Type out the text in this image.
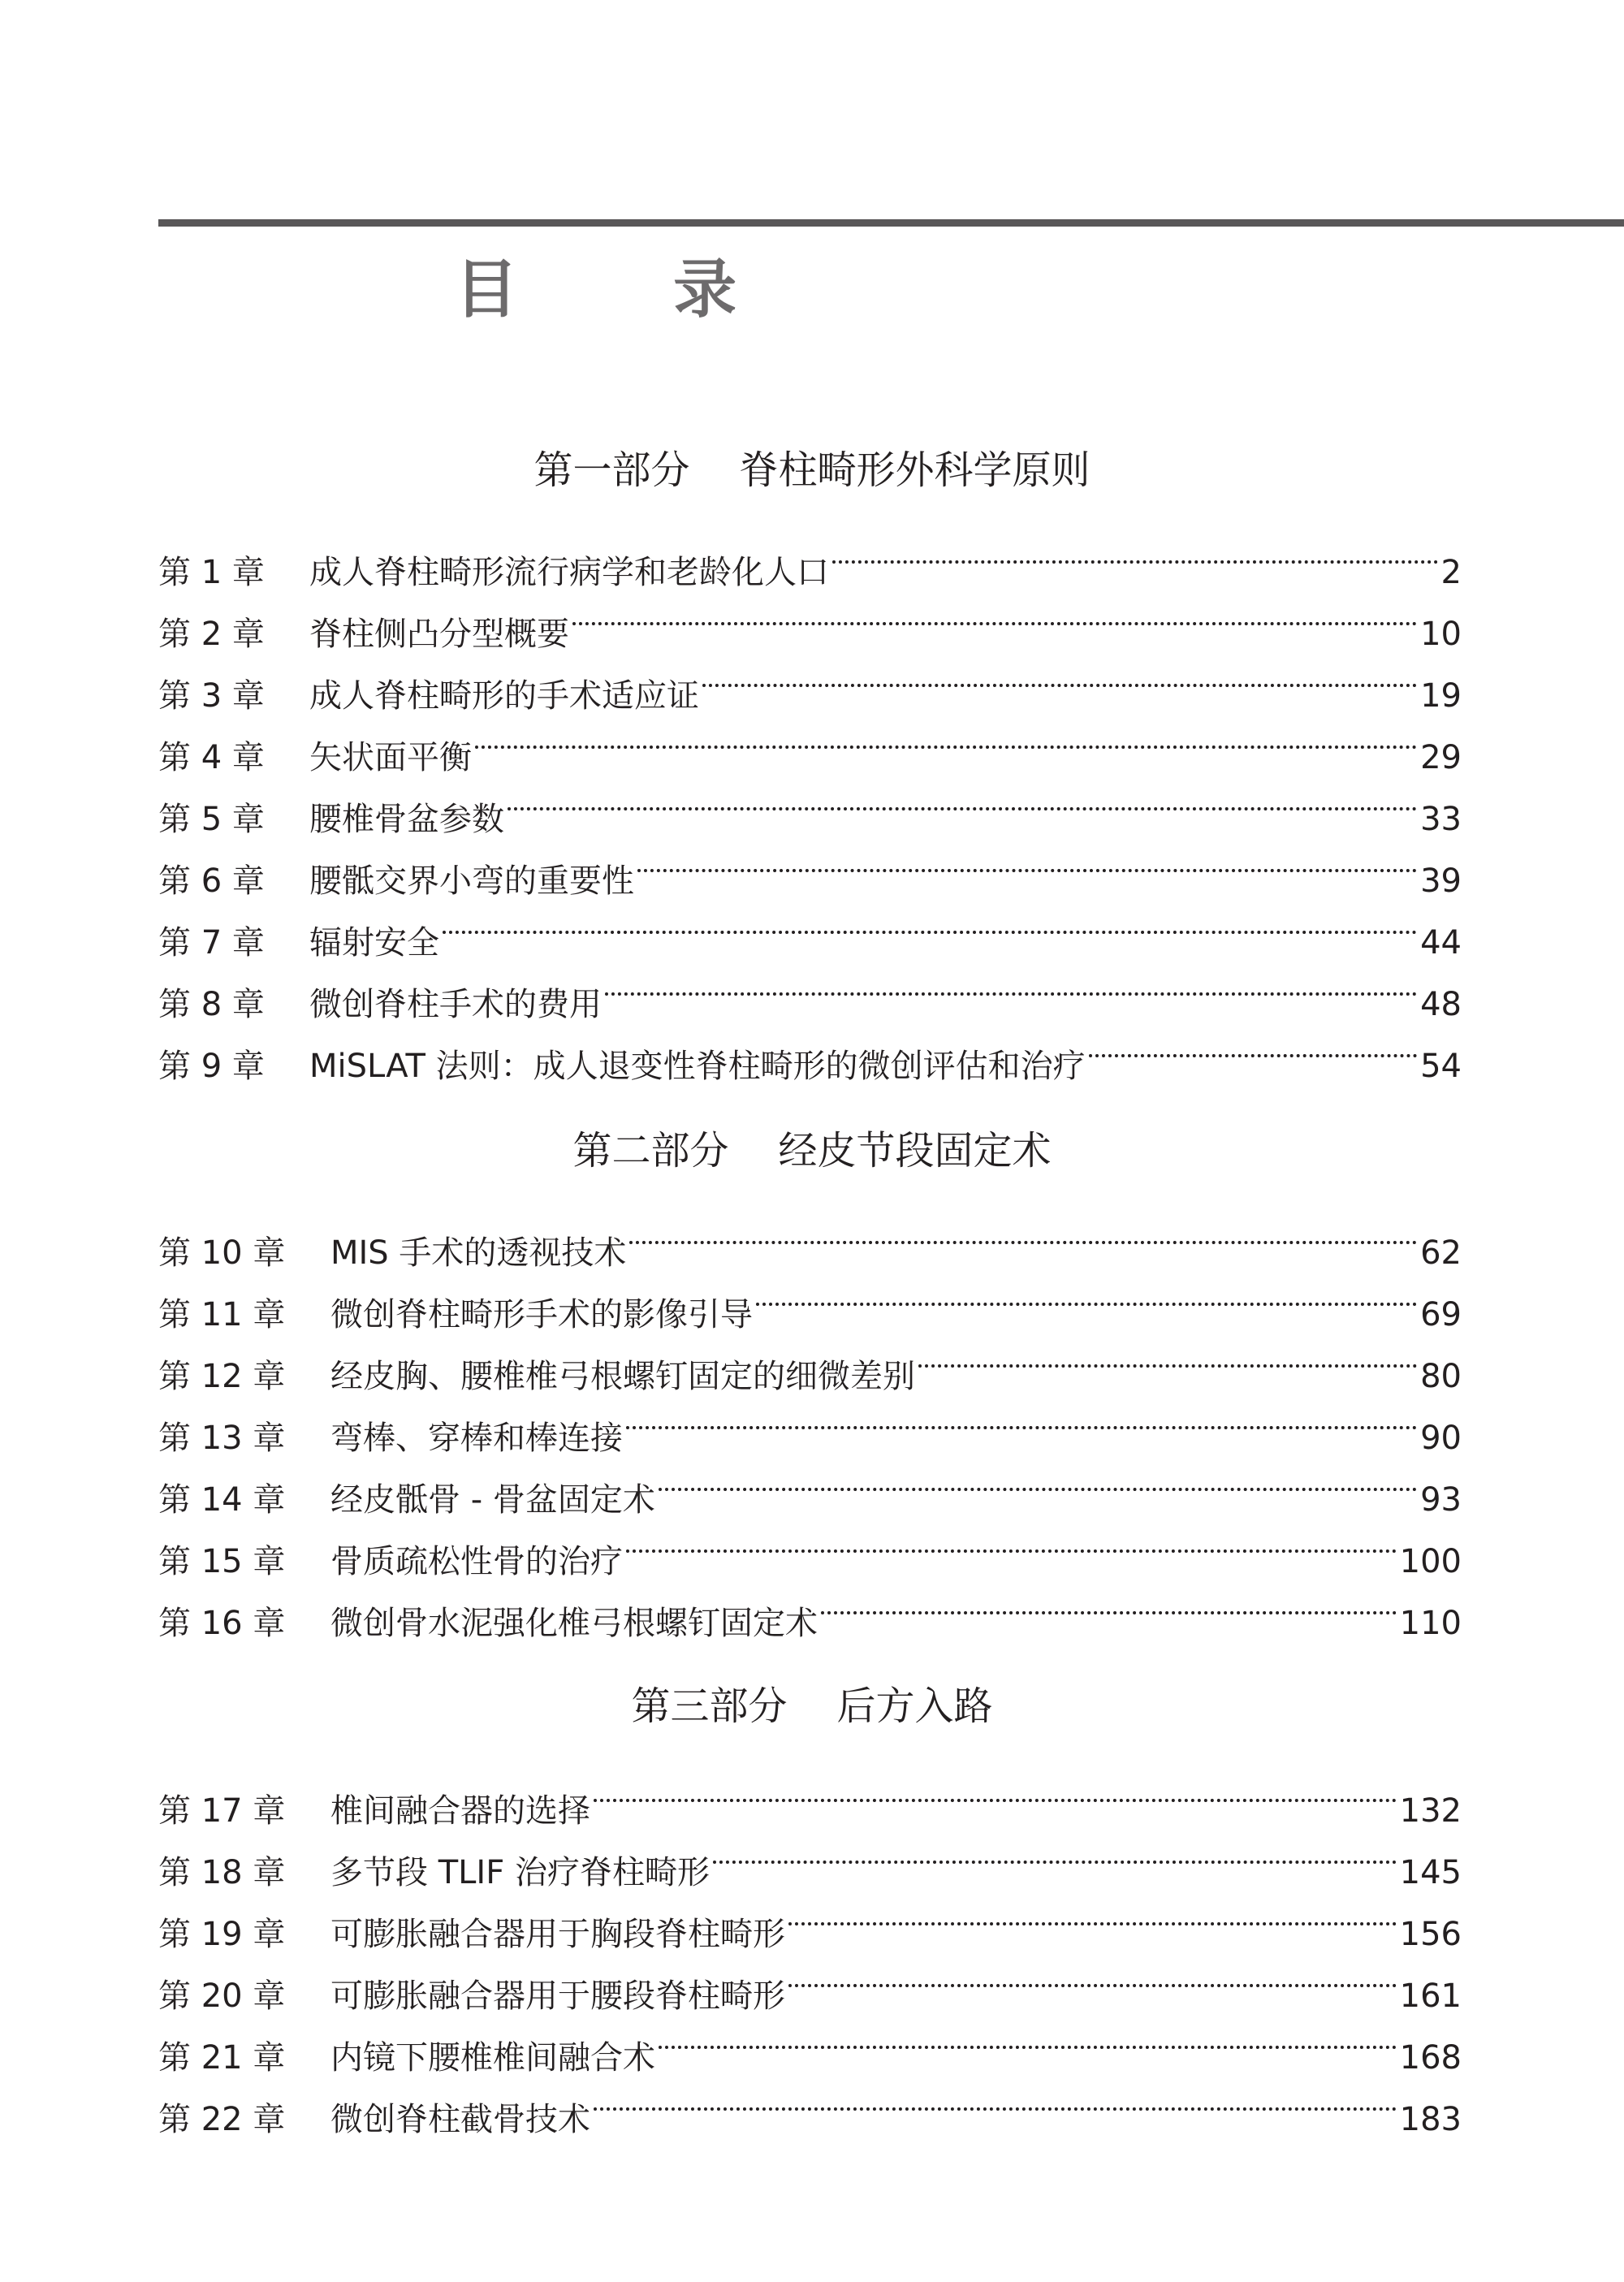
目 录
第一部分    脊柱畸形外科学原则
第 1 章	成人脊柱畸形流行病学和老龄化人口	2
第 2 章	脊柱侧凸分型概要	10
第 3 章	成人脊柱畸形的手术适应证	19
第 4 章	矢状面平衡	29
第 5 章	腰椎骨盆参数	33
第 6 章	腰骶交界小弯的重要性	39
第 7 章	辐射安全	44
第 8 章	微创脊柱手术的费用	48
第 9 章	MiSLAT 法则：成人退变性脊柱畸形的微创评估和治疗	54
第二部分    经皮节段固定术
第 10 章	MIS 手术的透视技术	62
第 11 章	微创脊柱畸形手术的影像引导	69
第 12 章	经皮胸、腰椎椎弓根螺钉固定的细微差别	80
第 13 章	弯棒、穿棒和棒连接	90
第 14 章	经皮骶骨 - 骨盆固定术	93
第 15 章	骨质疏松性骨的治疗	100
第 16 章	微创骨水泥强化椎弓根螺钉固定术	110
第三部分    后方入路
第 17 章	椎间融合器的选择	132
第 18 章	多节段 TLIF 治疗脊柱畸形	145
第 19 章	可膨胀融合器用于胸段脊柱畸形	156
第 20 章	可膨胀融合器用于腰段脊柱畸形	161
第 21 章	内镜下腰椎椎间融合术	168
第 22 章	微创脊柱截骨技术	183
